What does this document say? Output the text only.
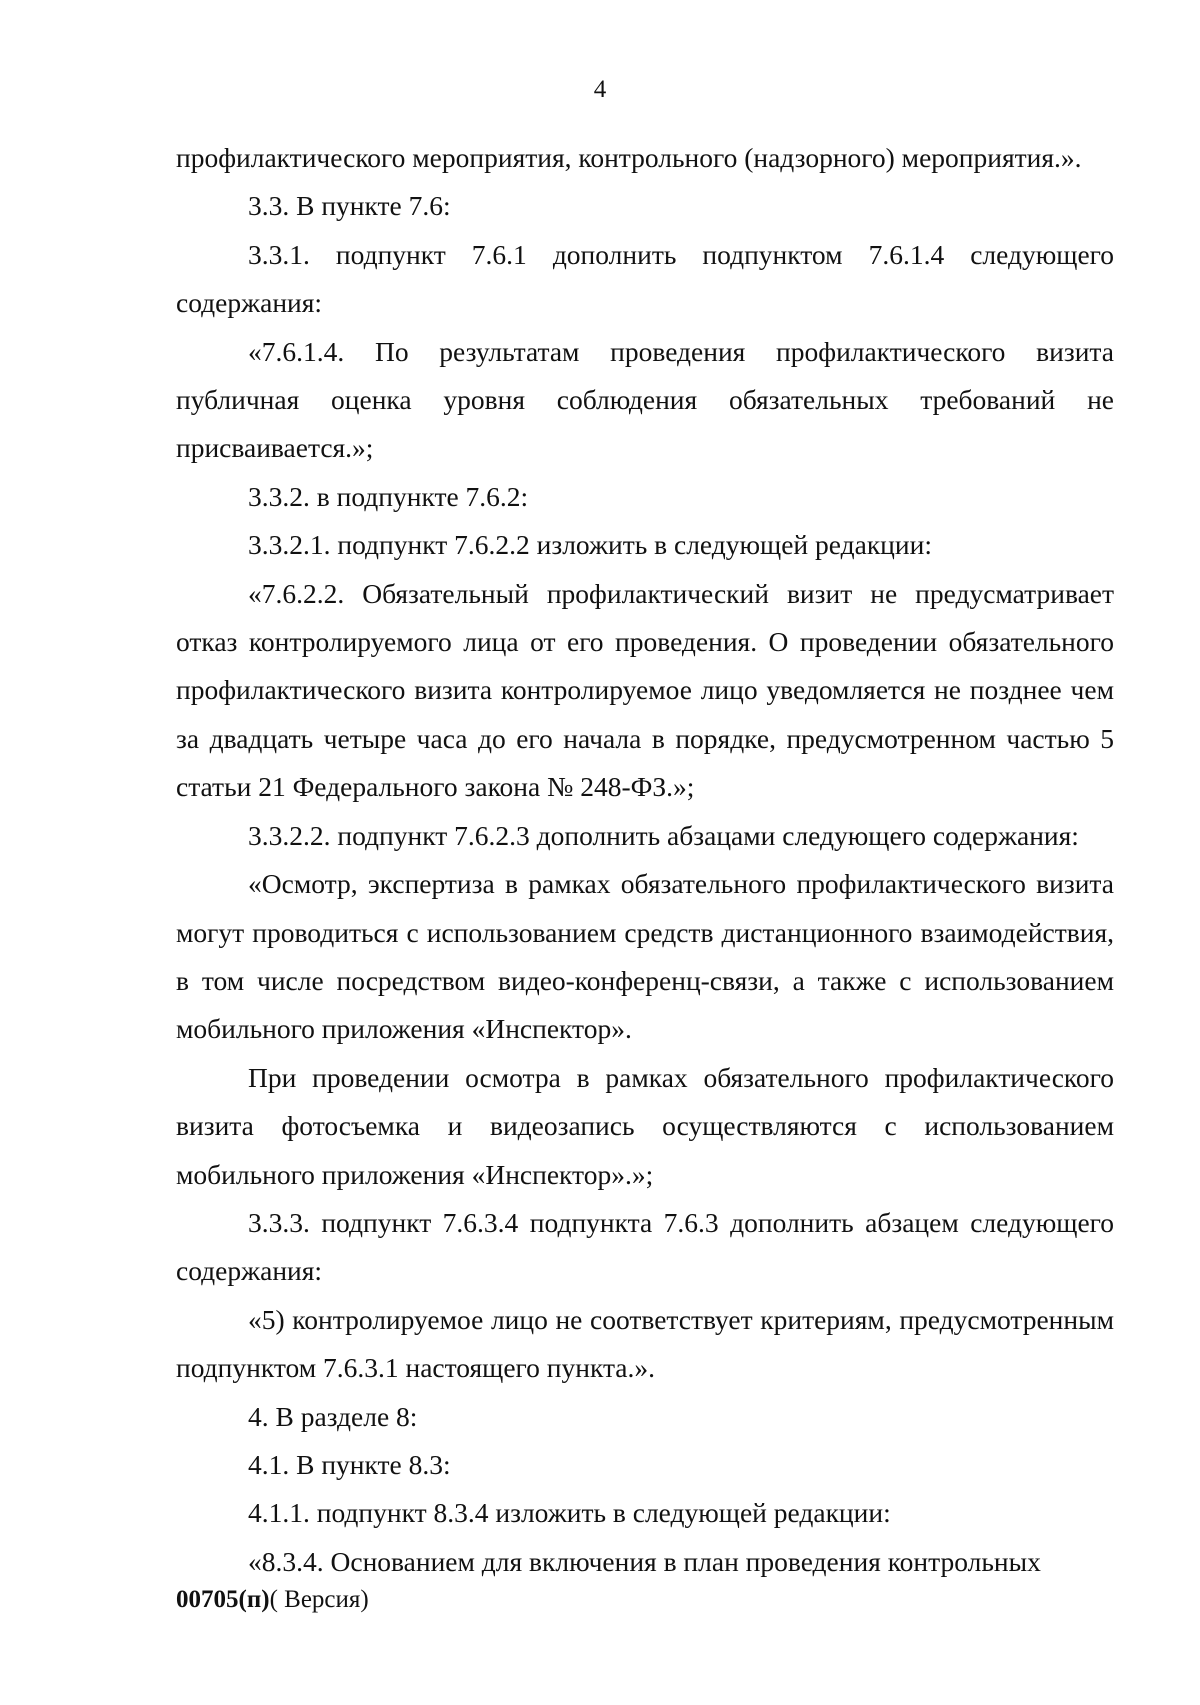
4

профилактического мероприятия, контрольного (надзорного) мероприятия.».

3.3. В пункте 7.6:

3.3.1. подпункт 7.6.1 дополнить подпунктом 7.6.1.4 следующего содержания:

«7.6.1.4. По результатам проведения профилактического визита публичная оценка уровня соблюдения обязательных требований не присваивается.»;

3.3.2. в подпункте 7.6.2:

3.3.2.1. подпункт 7.6.2.2 изложить в следующей редакции:

«7.6.2.2. Обязательный профилактический визит не предусматривает отказ контролируемого лица от его проведения. О проведении обязательного профилактического визита контролируемое лицо уведомляется не позднее чем за двадцать четыре часа до его начала в порядке, предусмотренном частью 5 статьи 21 Федерального закона № 248-ФЗ.»;

3.3.2.2. подпункт 7.6.2.3 дополнить абзацами следующего содержания:

«Осмотр, экспертиза в рамках обязательного профилактического визита могут проводиться с использованием средств дистанционного взаимодействия, в том числе посредством видео-конференц-связи, а также с использованием мобильного приложения «Инспектор».

При проведении осмотра в рамках обязательного профилактического визита фотосъемка и видеозапись осуществляются с использованием мобильного приложения «Инспектор».»;

3.3.3. подпункт 7.6.3.4 подпункта 7.6.3 дополнить абзацем следующего содержания:

«5) контролируемое лицо не соответствует критериям, предусмотренным подпунктом 7.6.3.1 настоящего пункта.».

4. В разделе 8:

4.1. В пункте 8.3:

4.1.1. подпункт 8.3.4 изложить в следующей редакции:

«8.3.4. Основанием для включения в план проведения контрольных

00705(п)( Версия)
